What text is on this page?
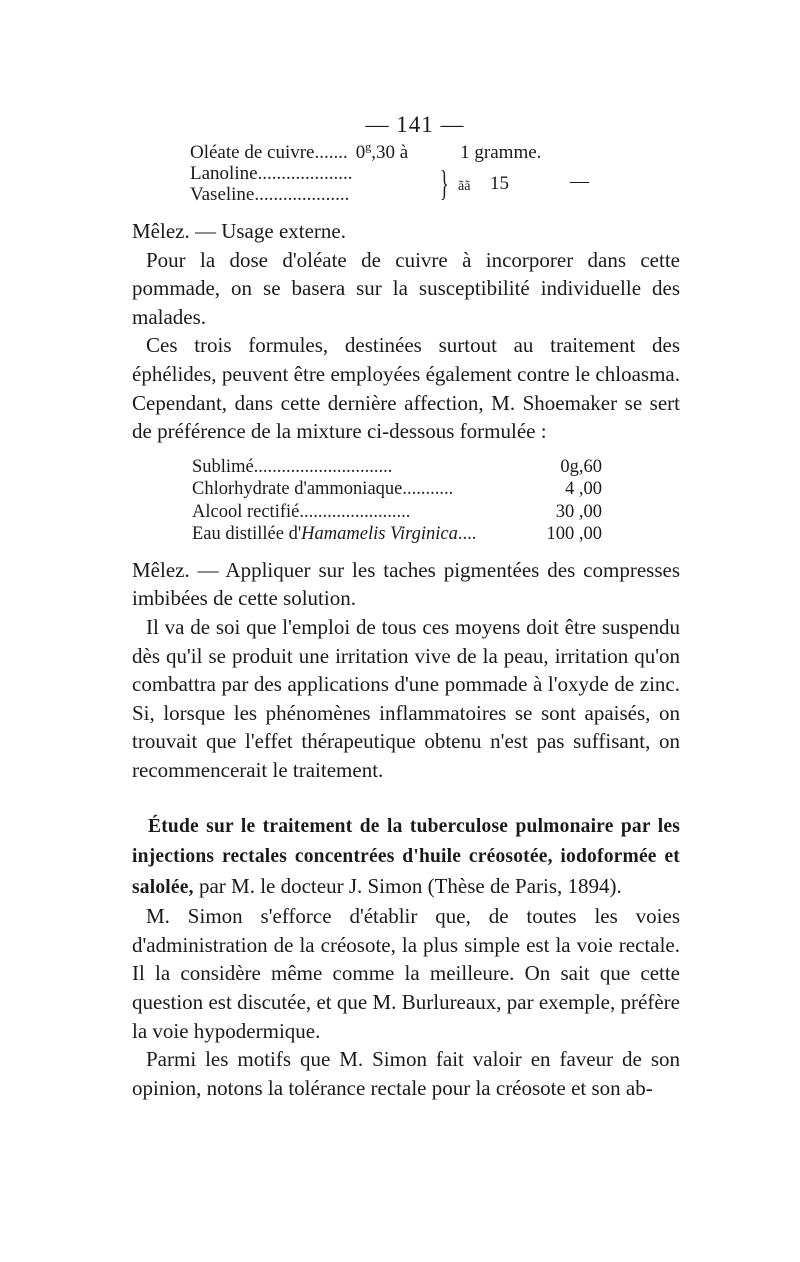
— 141 —
Oléate de cuivre ....... 0$^g$,30 à	1 gramme.
Lanoline ....................
Vaseline ....................	} ãã 15	—

Mêlez. — Usage externe.

Pour la dose d'oléate de cuivre à incorporer dans cette pommade, on se basera sur la susceptibilité individuelle des malades.

Ces trois formules, destinées surtout au traitement des éphélides, peuvent être employées également contre le chloasma. Cependant, dans cette dernière affection, M. Shoemaker se sert de préférence de la mixture ci-dessous formulée :

Sublimé..............................	0g,60
Chlorhydrate d'ammoniaque...........	4 ,00
Alcool rectifié........................	30 ,00
Eau distillée d'Hamamelis Virginica....	100 ,00

Mêlez. — Appliquer sur les taches pigmentées des compresses imbibées de cette solution.

Il va de soi que l'emploi de tous ces moyens doit être suspendu dès qu'il se produit une irritation vive de la peau, irritation qu'on combattra par des applications d'une pommade à l'oxyde de zinc. Si, lorsque les phénomènes inflammatoires se sont apaisés, on trouvait que l'effet thérapeutique obtenu n'est pas suffisant, on recommencerait le traitement.

Étude sur le traitement de la tuberculose pulmonaire par les injections rectales concentrées d'huile créosotée, iodoformée et salolée, par M. le docteur J. Simon (Thèse de Paris, 1894).

M. Simon s'efforce d'établir que, de toutes les voies d'administration de la créosote, la plus simple est la voie rectale. Il la considère même comme la meilleure. On sait que cette question est discutée, et que M. Burlureaux, par exemple, préfère la voie hypodermique.

Parmi les motifs que M. Simon fait valoir en faveur de son opinion, notons la tolérance rectale pour la créosote et son ab-
